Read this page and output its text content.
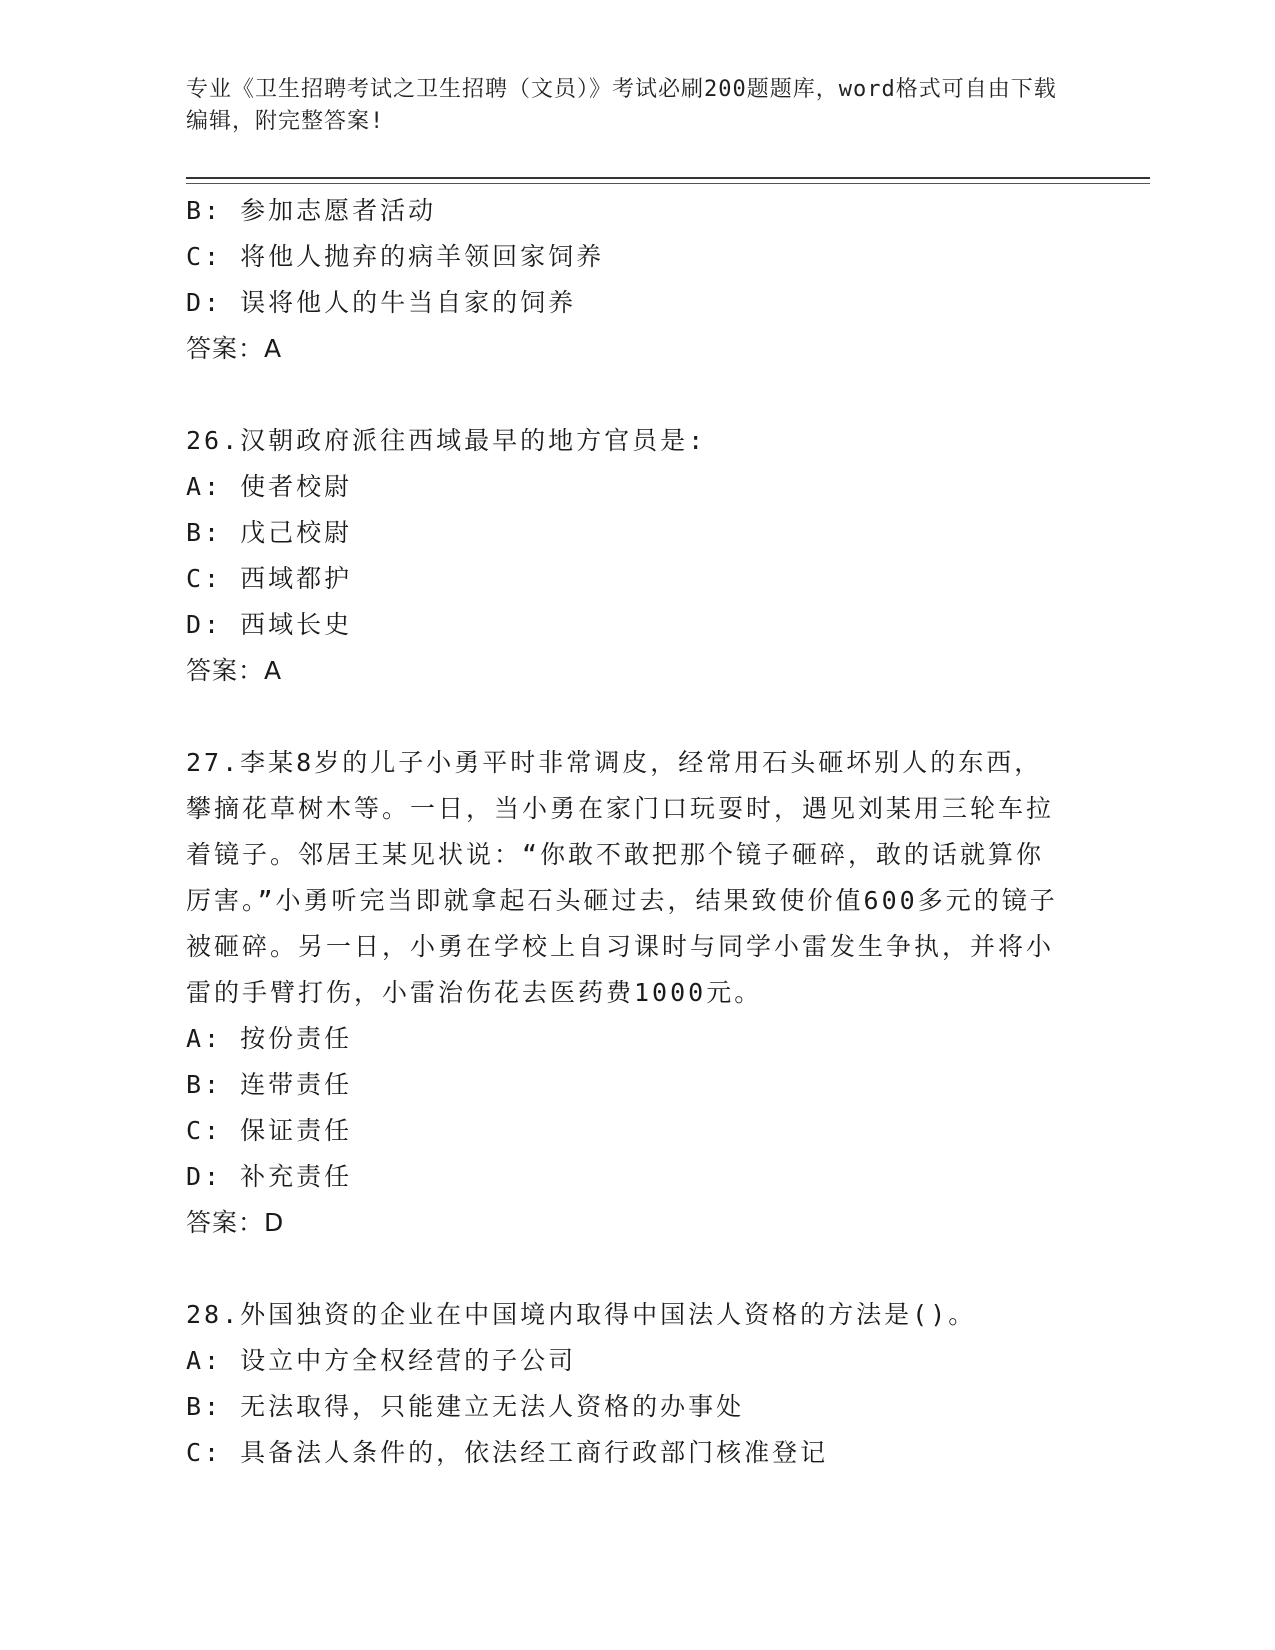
专业《卫生招聘考试之卫生招聘（文员）》考试必刷200题题库，word格式可自由下载编辑，附完整答案!
B: 参加志愿者活动
C: 将他人抛弃的病羊领回家饲养
D: 误将他人的牛当自家的饲养
答案：A
26.汉朝政府派往西域最早的地方官员是:
A: 使者校尉
B: 戊己校尉
C: 西域都护
D: 西域长史
答案：A
27.李某8岁的儿子小勇平时非常调皮，经常用石头砸坏别人的东西，攀摘花草树木等。一日，当小勇在家门口玩耍时，遇见刘某用三轮车拉着镜子。邻居王某见状说：“你敢不敢把那个镜子砸碎，敢的话就算你厉害。”小勇听完当即就拿起石头砸过去，结果致使价值600多元的镜子被砸碎。另一日，小勇在学校上自习课时与同学小雷发生争执，并将小雷的手臂打伤，小雷治伤花去医药费1000元。
A: 按份责任
B: 连带责任
C: 保证责任
D: 补充责任
答案：D
28.外国独资的企业在中国境内取得中国法人资格的方法是()。
A: 设立中方全权经营的子公司
B: 无法取得，只能建立无法人资格的办事处
C: 具备法人条件的，依法经工商行政部门核准登记
